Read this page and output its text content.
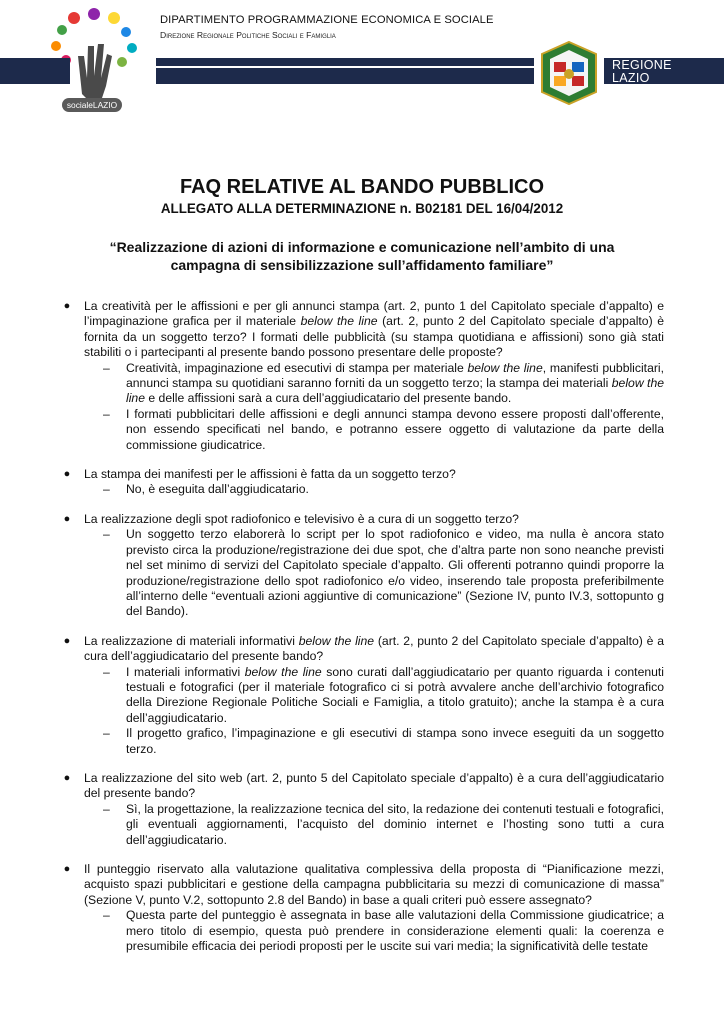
socialeLAZIO
DIPARTIMENTO PROGRAMMAZIONE ECONOMICA E SOCIALE
Direzione Regionale Politiche Sociali e Famiglia
REGIONE
LAZIO
FAQ RELATIVE AL BANDO PUBBLICO
ALLEGATO ALLA DETERMINAZIONE n. B02181 DEL 16/04/2012
“Realizzazione di azioni di informazione e comunicazione nell’ambito di una
campagna di sensibilizzazione sull’affidamento familiare”
●	La creatività per le affissioni e per gli annunci stampa (art. 2, punto 1 del Capitolato speciale d’appalto) e l’impaginazione grafica per il materiale below the line (art. 2, punto 2 del Capitolato speciale d’appalto) è fornita da un soggetto terzo? I formati delle pubblicità (su stampa quotidiana e affissioni) sono già stati stabiliti o i partecipanti al presente bando possono presentare delle proposte?
– Creatività, impaginazione ed esecutivi di stampa per materiale below the line, manifesti pubblicitari, annunci stampa su quotidiani saranno forniti da un soggetto terzo; la stampa dei materiali below the line e delle affissioni sarà a cura dell’aggiudicatario del presente bando.
– I formati pubblicitari delle affissioni e degli annunci stampa devono essere proposti dall’offerente, non essendo specificati nel bando, e potranno essere oggetto di valutazione da parte della commissione giudicatrice.
●	La stampa dei manifesti per le affissioni è fatta da un soggetto terzo?
– No, è eseguita dall’aggiudicatario.
●	La realizzazione degli spot radiofonico e televisivo è a cura di un soggetto terzo?
– Un soggetto terzo elaborerà lo script per lo spot radiofonico e video, ma nulla è ancora stato previsto circa la produzione/registrazione dei due spot, che d’altra parte non sono neanche previsti nel set minimo di servizi del Capitolato speciale d’appalto. Gli offerenti potranno quindi proporre la produzione/registrazione dello spot radiofonico e/o video, inserendo tale proposta preferibilmente all’interno delle “eventuali azioni aggiuntive di comunicazione” (Sezione IV, punto IV.3, sottopunto g del Bando).
●	La realizzazione di materiali informativi below the line (art. 2, punto 2 del Capitolato speciale d’appalto) è a cura dell’aggiudicatario del presente bando?
– I materiali informativi below the line sono curati dall’aggiudicatario per quanto riguarda i contenuti testuali e fotografici (per il materiale fotografico ci si potrà avvalere anche dell’archivio fotografico della Direzione Regionale Politiche Sociali e Famiglia, a titolo gratuito); anche la stampa è a cura dell’aggiudicatario.
– Il progetto grafico, l’impaginazione e gli esecutivi di stampa sono invece eseguiti da un soggetto terzo.
●	La realizzazione del sito web (art. 2, punto 5 del Capitolato speciale d’appalto) è a cura dell’aggiudicatario del presente bando?
– Sì, la progettazione, la realizzazione tecnica del sito, la redazione dei contenuti testuali e fotografici, gli eventuali aggiornamenti, l’acquisto del dominio internet e l’hosting sono tutti a cura dell’aggiudicatario.
●	Il punteggio riservato alla valutazione qualitativa complessiva della proposta di “Pianificazione mezzi, acquisto spazi pubblicitari e gestione della campagna pubblicitaria su mezzi di comunicazione di massa” (Sezione V, punto V.2, sottopunto 2.8 del Bando) in base a quali criteri può essere assegnato?
– Questa parte del punteggio è assegnata in base alle valutazioni della Commissione giudicatrice; a mero titolo di esempio, questa può prendere in considerazione elementi quali: la coerenza e presumibile efficacia dei periodi proposti per le uscite sui vari media; la significatività delle testate
